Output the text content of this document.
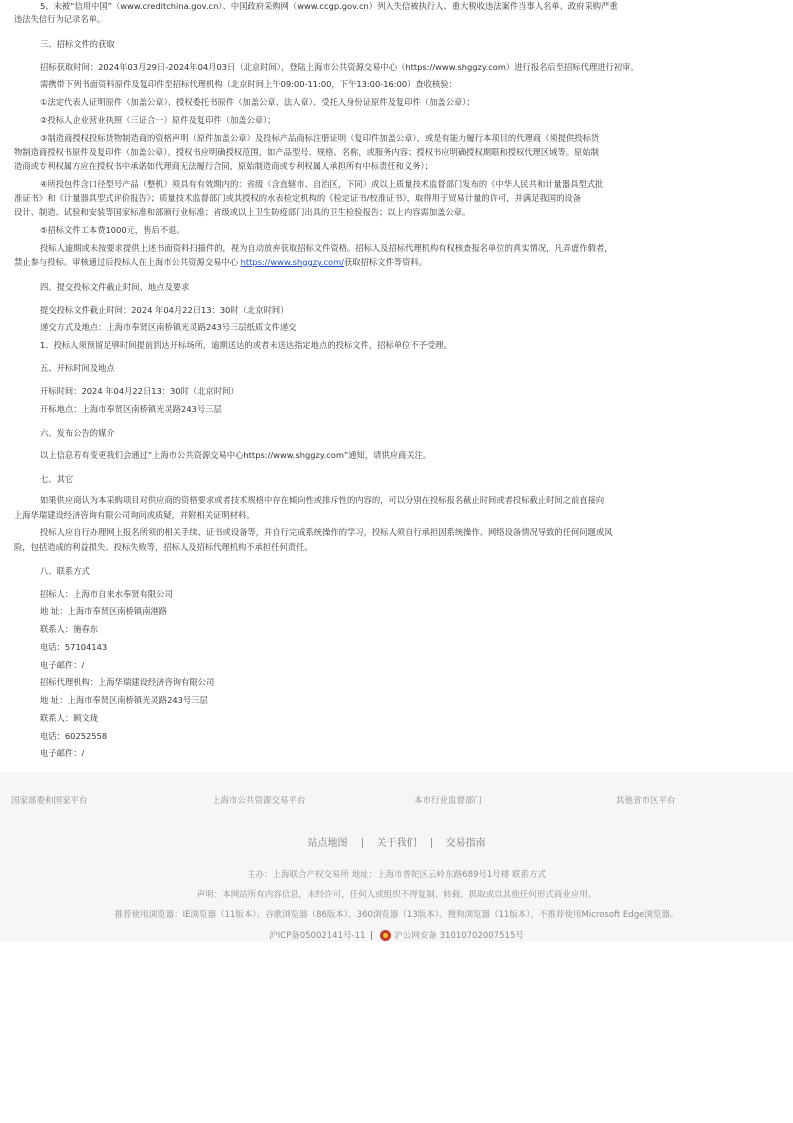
5、未被“信用中国”（www.creditchina.gov.cn）、中国政府采购网（www.ccgp.gov.cn）列入失信被执行人、重大税收违法案件当事人名单、政府采购严重
违法失信行为记录名单。
三、招标文件的获取
招标获取时间：2024年03月29日-2024年04月03日（北京时间），登陆上海市公共资源交易中心（https://www.shggzy.com）进行报名后至招标代理进行初审。
需携带下列书面资料原件及复印件至招标代理机构（北京时间上午09:00-11:00，下午13:00-16:00）查收核验：
①法定代表人证明原件（加盖公章）、授权委托书原件（加盖公章、法人章）、受托人身份证原件及复印件（加盖公章）；
②投标人企业营业执照（三证合一）原件及复印件（加盖公章）；
③制造商授权投标货物制造商的资格声明（原件加盖公章）及投标产品商标注册证明（复印件加盖公章），或是有能力履行本项目的代理商（须提供投标货
物制造商授权书原件及复印件（加盖公章）。授权书应明确授权范围，如产品型号、规格、名称，或服务内容；授权书应明确授权期限和授权代理区域等。原始制
造商或专利权属方应在授权书中承诺如代理商无法履行合同，原始制造商或专利权属人承担所有中标责任和义务）；
④所投包件含口径型号产品（整机）须具有有效期内的：省级（含直辖市、自治区，下同）或以上质量技术监督部门发布的《中华人民共和计量器具型式批
准证书》和《计量器具型式评价报告》；质量技术监督部门或其授权的水表检定机构的《检定证书/校准证书》，取得用于贸易计量的许可，并满足我国的设备
设计、制造、试验和安装等国家标准和部颁行业标准；省级或以上卫生防疫部门出具的卫生检验报告；以上内容需加盖公章。
⑤招标文件工本费1000元，售后不退。
投标人逾期或未按要求提供上述书面资料扫描件的，视为自动放弃获取招标文件资格。招标人及招标代理机构有权核查报名单位的真实情况，凡弄虚作假者，
禁止参与投标。审核通过后投标人在上海市公共资源交易中心 https://www.shggzy.com/获取招标文件等资料。
四、提交投标文件截止时间、地点及要求
提交投标文件截止时间：2024 年04月22日13：30时（北京时间）
递交方式及地点：上海市奉贤区南桥镇光灵路243号三层纸质文件递交
1、投标人须预留足够时间提前到达开标场所，逾期送达的或者未送达指定地点的投标文件，招标单位不予受理。
五、开标时间及地点
开标时间：2024 年04月22日13：30时（北京时间）
开标地点：上海市奉贤区南桥镇光灵路243号三层
六、发布公告的媒介
以上信息若有变更我们会通过“上海市公共资源交易中心https://www.shggzy.com”通知，请供应商关注。
七、其它
如果供应商认为本采购项目对供应商的资格要求或者技术规格中存在倾向性或排斥性的内容的，可以分别在投标报名截止时间或者投标截止时间之前直接向
上海华瑞建设经济咨询有限公司询问或质疑，并附相关证明材料。
投标人应自行办理网上报名所须的相关手续、证书或设备等，并自行完成系统操作的学习，投标人须自行承担因系统操作、网络设备情况导致的任何问题或风
险，包括造成的利益损失、投标失败等，招标人及招标代理机构不承担任何责任。
八、联系方式
招标人：上海市自来水奉贤有限公司
地 址：上海市奉贤区南桥镇南港路
联系人：施春东
电话：57104143
电子邮件：/
招标代理机构：上海华瑞建设经济咨询有限公司
地 址：上海市奉贤区南桥镇光灵路243号三层
联系人：顾文珑
电话：60252558
电子邮件：/
国家部委和国家平台	上海市公共资源交易平台	本市行业监督部门	其他省市区平台
站点地图	关于我们	交易指南
主办：上海联合产权交易所 地址：上海市普陀区云岭东路689号1号楼 联系方式
声明：本网站所有内容信息，未经许可，任何人或组织不得复制、转载、抓取或以其他任何形式商业应用。
推荐使用浏览器：IE浏览器（11版本）、谷歌浏览器（86版本）、360浏览器（13版本）、搜狗浏览器（11版本），不推荐使用Microsoft Edge浏览器。
沪ICP备05002141号-11	沪公网安备 31010702007515号
